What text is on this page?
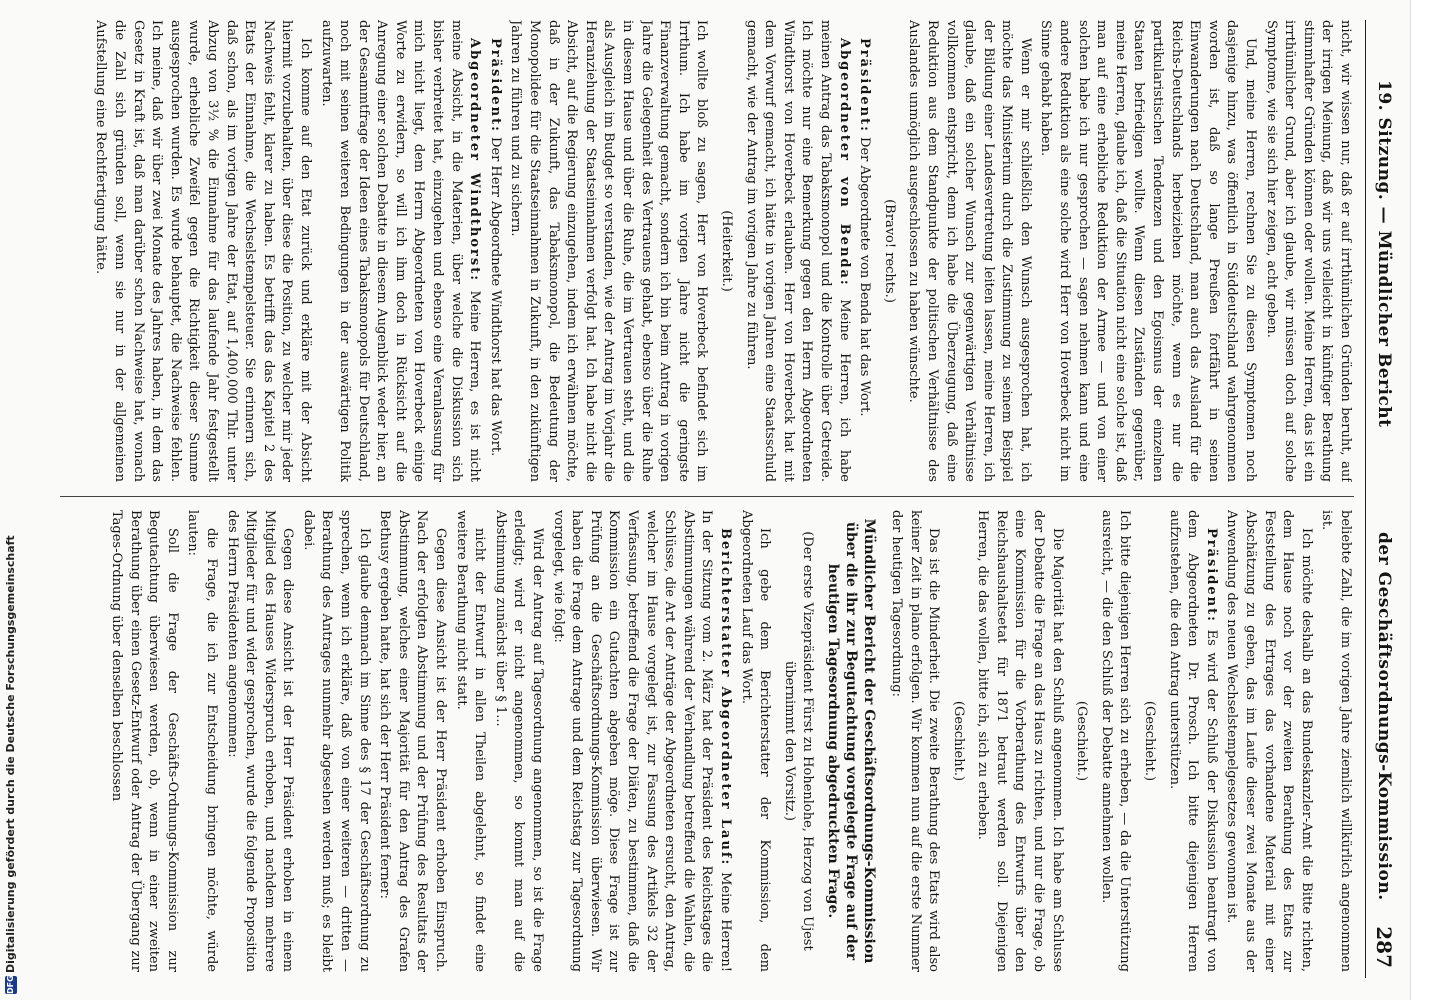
19. Sitzung. — Mündlicher Bericht
der Geschäftsordnungs-Kommission.
287

nicht, wir wissen nur, daß er auf irrthümlichen Gründen beruht, auf der irrigen Meinung, daß wir uns vielleicht in künftiger Berathung stimmhafter Gründen können oder wollen. Meine Herren, das ist ein irrthümlicher Grund, aber ich glaube, wir müssen doch auf solche Symptome, wie sie sich hier zeigen, acht geben.

Und, meine Herren, rechnen Sie zu diesen Symptomen noch dasjenige hinzu, was öffentlich in Süddeutschland wahrgenommen worden ist, daß so lange Preußen fortfährt in seinen Einwanderungen nach Deutschland, man auch das Ausland für die Reichs-Deutschlands herbeiziehen möchte, wenn es nur die partikularistischen Tendenzen und den Egoismus der einzelnen Staaten befriedigen wollte. Wenn diesen Zuständen gegenüber, meine Herren, glaube ich, daß die Situation nicht eine solche ist, daß man auf eine erhebliche Reduktion der Armee — und von einer solchen habe ich nur gesprochen — sagen nehmen kann und eine andere Reduktion als eine solche wird Herr von Hoverbeck nicht im Sinne gehabt haben.

Wenn er mir schließlich den Wunsch ausgesprochen hat, ich möchte das Ministerium durch die Zustimmung zu seinem Beispiel der Bildung einer Landesvertretung leiten lassen, meine Herren, ich glaube, daß ein solcher Wunsch zur gegenwärtigen Verhältnisse vollkommen entspricht, denn ich habe die Überzeugung, daß eine Reduktion aus dem Standpunkte der politischen Verhältnisse des Auslandes unmöglich ausgeschlossen zu haben wünschte.

(Bravo! rechts.)

Präsident: Der Abgeordnete von Benda hat das Wort.

Abgeordneter von Benda: Meine Herren, ich habe meinen Antrag das Tabaksmonopol und die Kontrolle über Getreide. Ich möchte nur eine Bemerkung gegen den Herrn Abgeordneten Windthorst von Hoverbeck erlauben. Herr von Hoverbeck hat mit dem Vorwurf gemacht, ich hätte in vorigen Jahren eine Staatsschuld gemacht, wie der Antrag im vorigen Jahre zu führen.

(Heiterkeit.)

Ich wollte bloß zu sagen, Herr von Hoverbeck befindet sich im Irrthum. Ich habe im vorigen Jahre nicht die geringste Finanzverwaltung gemacht, sondern ich bin beim Antrag in vorigen Jahre die Gelegenheit des Vertrauens gehabt, ebenso über die Ruhe in diesem Hause und über die Ruhe, die im Vertrauen steht, und die als Ausgleich im Budget so verstanden, wie der Antrag im Vorjahr die Heranziehung der Staatseinnahmen verfolgt hat. Ich habe nicht die Absicht, auf die Regierung einzugehen, indem ich erwähnen möchte, daß in der Zukunft, das Tabaksmonopol, die Bedeutung der Monopolidee für die Staatseinnahmen in Zukunft, in den zukünftigen Jahren zu führen und zu sichern.

Präsident: Der Herr Abgeordnete Windthorst hat das Wort.

Abgeordneter Windthorst: Meine Herren, es ist nicht meine Absicht, in die Materien, über welche die Diskussion sich bisher verbreitet hat, einzugehen und ebenso eine Veranlassung für mich nicht liegt, dem Herrn Abgeordneten von Hoverbeck einige Worte zu erwidern, so will ich ihm doch in Rücksicht auf die Anregung einer solchen Debatte in diesem Augenblick weder hier, an der Gesammtfrage der Ideen eines Tabaksmonopols für Deutschland, noch mit seinen weiteren Bedingungen in der auswärtigen Politik aufzuwarten.

Ich komme auf den Etat zurück und erkläre mit der Absicht hiermit vorzubehalten, über diese die Position, zu welcher mir jeder Nachweis fehlt, klarer zu haben. Es betrifft das das Kapitel 2 des Etats der Einnahme, die Wechselstempelsteuer. Sie erinnern sich, daß schon, als im vorigen Jahre der Etat, auf 1,400,000 Thlr. unter Abzug von 3½ % die Einnahme für das laufende Jahr festgestellt wurde, erhebliche Zweifel gegen die Richtigkeit dieser Summe ausgesprochen wurden. Es wurde behauptet, die Nachweise fehlen. Ich meine, daß wir über zwei Monate des Jahres haben, in dem das Gesetz in Kraft ist, daß man darüber schon Nachweise hat, wonach die Zahl sich gründen soll, wenn sie nur in der allgemeinen Aufstellung eine Rechtfertigung hätte.

beliebte Zahl, die im vorigen Jahre ziemlich willkürlich angenommen ist.

Ich möchte deshalb an das Bundeskanzler-Amt die Bitte richten, dem Hause noch vor der zweiten Berathung des Etats zur Feststellung des Ertrages das vorhandene Material mit einer Abschätzung zu geben, das im Laufe dieser zwei Monate aus der Anwendung des neuen Wechselstempelgesetzes gewonnen ist.

Präsident: Es wird der Schluß der Diskussion beantragt von dem Abgeordneten Dr. Prosch. Ich bitte diejenigen Herren aufzustehen, die den Antrag unterstützen.

(Geschieht.)

Ich bitte diejenigen Herren sich zu erheben, — da die Unterstützung ausreicht, — die den Schluß der Debatte annehmen wollen.

(Geschieht.)

Die Majorität hat den Schluß angenommen. Ich habe am Schlusse der Debatte die Frage an das Haus zu richten, und nur die Frage, ob eine Kommission für die Vorberathung des Entwurfs über den Reichshaushaltsetat für 1871 betraut werden soll. Diejenigen Herren, die das wollen, bitte ich, sich zu erheben.

(Geschieht.)

Das ist die Minderheit. Die zweite Berathung des Etats wird also keiner Zeit in plano erfolgen. Wir kommen nun auf die erste Nummer der heutigen Tagesordnung:

Mündlicher Bericht der Geschäftsordnungs-Kommission über die ihr zur Begutachtung vorgelegte Frage auf der heutigen Tagesordnung abgedruckten Frage.

(Der erste Vizepräsident Fürst zu Hohenlohe, Herzog von Ujest übernimmt den Vorsitz.)

Ich gebe dem Berichterstatter der Kommission, dem Abgeordneten Lauf das Wort.

Berichterstatter Abgeordneter Lauf: Meine Herren! In der Sitzung vom 2. März hat der Präsident des Reichstages die Abstimmungen während der Verhandlung betreffend die Wahlen, die Schlüsse, die Art der Anträge der Abgeordneten ersucht, den Antrag, welcher im Hause vorgelegt ist, zur Fassung des Artikels 32 der Verfassung, betreffend die Frage der Diäten, zu bestimmen, daß die Kommission ein Gutachten abgeben möge. Diese Frage ist zur Prüfung an die Geschäftsordnungs-Kommission überwiesen. Wir haben die Frage dem Antrage und dem Reichstag zur Tagesordnung vorgelegt, wie folgt:

Wird der Antrag auf Tagesordnung angenommen, so ist die Frage erledigt; wird er nicht angenommen, so kommt man auf die Abstimmung zunächst über § 1...

nicht der Entwurf in allen Theilen abgelehnt, so findet eine weitere Berathung nicht statt.

Gegen diese Ansicht ist der Herr Präsident erhoben Einspruch. Nach der erfolgten Abstimmung und der Prüfung des Resultats der Abstimmung, welches einer Majorität für den Antrag des Grafen Bethusy ergeben hatte, hat sich der Herr Präsident ferner:

Ich glaube demnach im Sinne des § 17 der Geschäftsordnung zu sprechen, wenn ich erkläre, daß von einer weiteren — dritten — Berathung des Antrages nunmehr abgesehen werden muß; es bleibt dabei.

Gegen diese Ansicht ist der Herr Präsident erhoben in einem Mitglied des Hauses Widerspruch erhoben, und nachdem mehrere Mitglieder für und wider gesprochen, wurde die folgende Proposition des Herrn Präsidenten angenommen:

die Frage, die ich zur Entscheidung bringen möchte, würde lauten:

Soll die Frage der Geschäfts-Ordnungs-Kommission zur Begutachtung überwiesen werden, ob, wenn in einer zweiten Berathung über einen Gesetz-Entwurf oder Antrag der Übergang zur Tages-Ordnung über denselben beschlossen

DFGDigitalisierung gefördert durch die Deutsche Forschungsgemeinschaft
